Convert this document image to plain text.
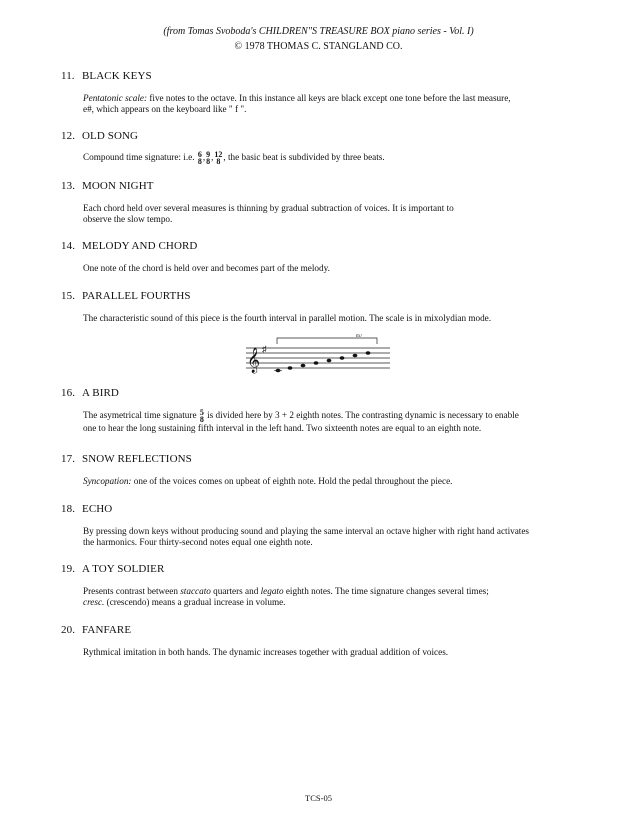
(from Tomas Svoboda's CHILDREN"S TREASURE BOX piano series - Vol. I)
© 1978 THOMAS C. STANGLAND CO.
11. BLACK KEYS
Pentatonic scale: five notes to the octave. In this instance all keys are black except one tone before the last measure,
e#, which appears on the keyboard like " f ".
12. OLD SONG
Compound time signature: i.e. 6
8 , 9
8 , 12
8 , the basic beat is subdivided by three beats.
13. MOON NIGHT
Each chord held over several measures is thinning by gradual subtraction of voices. It is important to
observe the slow tempo.
14. MELODY AND CHORD
One note of the chord is held over and becomes part of the melody.
15. PARALLEL FOURTHS
The characteristic sound of this piece is the fourth interval in parallel motion. The scale is in mixolydian mode.
𝄞 ♯
m7
16. A BIRD
The asymetrical time signature 5
8 is divided here by 3 + 2 eighth notes. The contrasting dynamic is necessary to enable
one to hear the long sustaining fifth interval in the left hand. Two sixteenth notes are equal to an eighth note.
17. SNOW REFLECTIONS
Syncopation: one of the voices comes on upbeat of eighth note. Hold the pedal throughout the piece.
18. ECHO
By pressing down keys without producing sound and playing the same interval an octave higher with right hand activates
the harmonics. Four thirty-second notes equal one eighth note.
19. A TOY SOLDIER
Presents contrast between staccato quarters and legato eighth notes. The time signature changes several times;
cresc. (crescendo) means a gradual increase in volume.
20. FANFARE
Rythmical imitation in both hands. The dynamic increases together with gradual addition of voices.
TCS-05
